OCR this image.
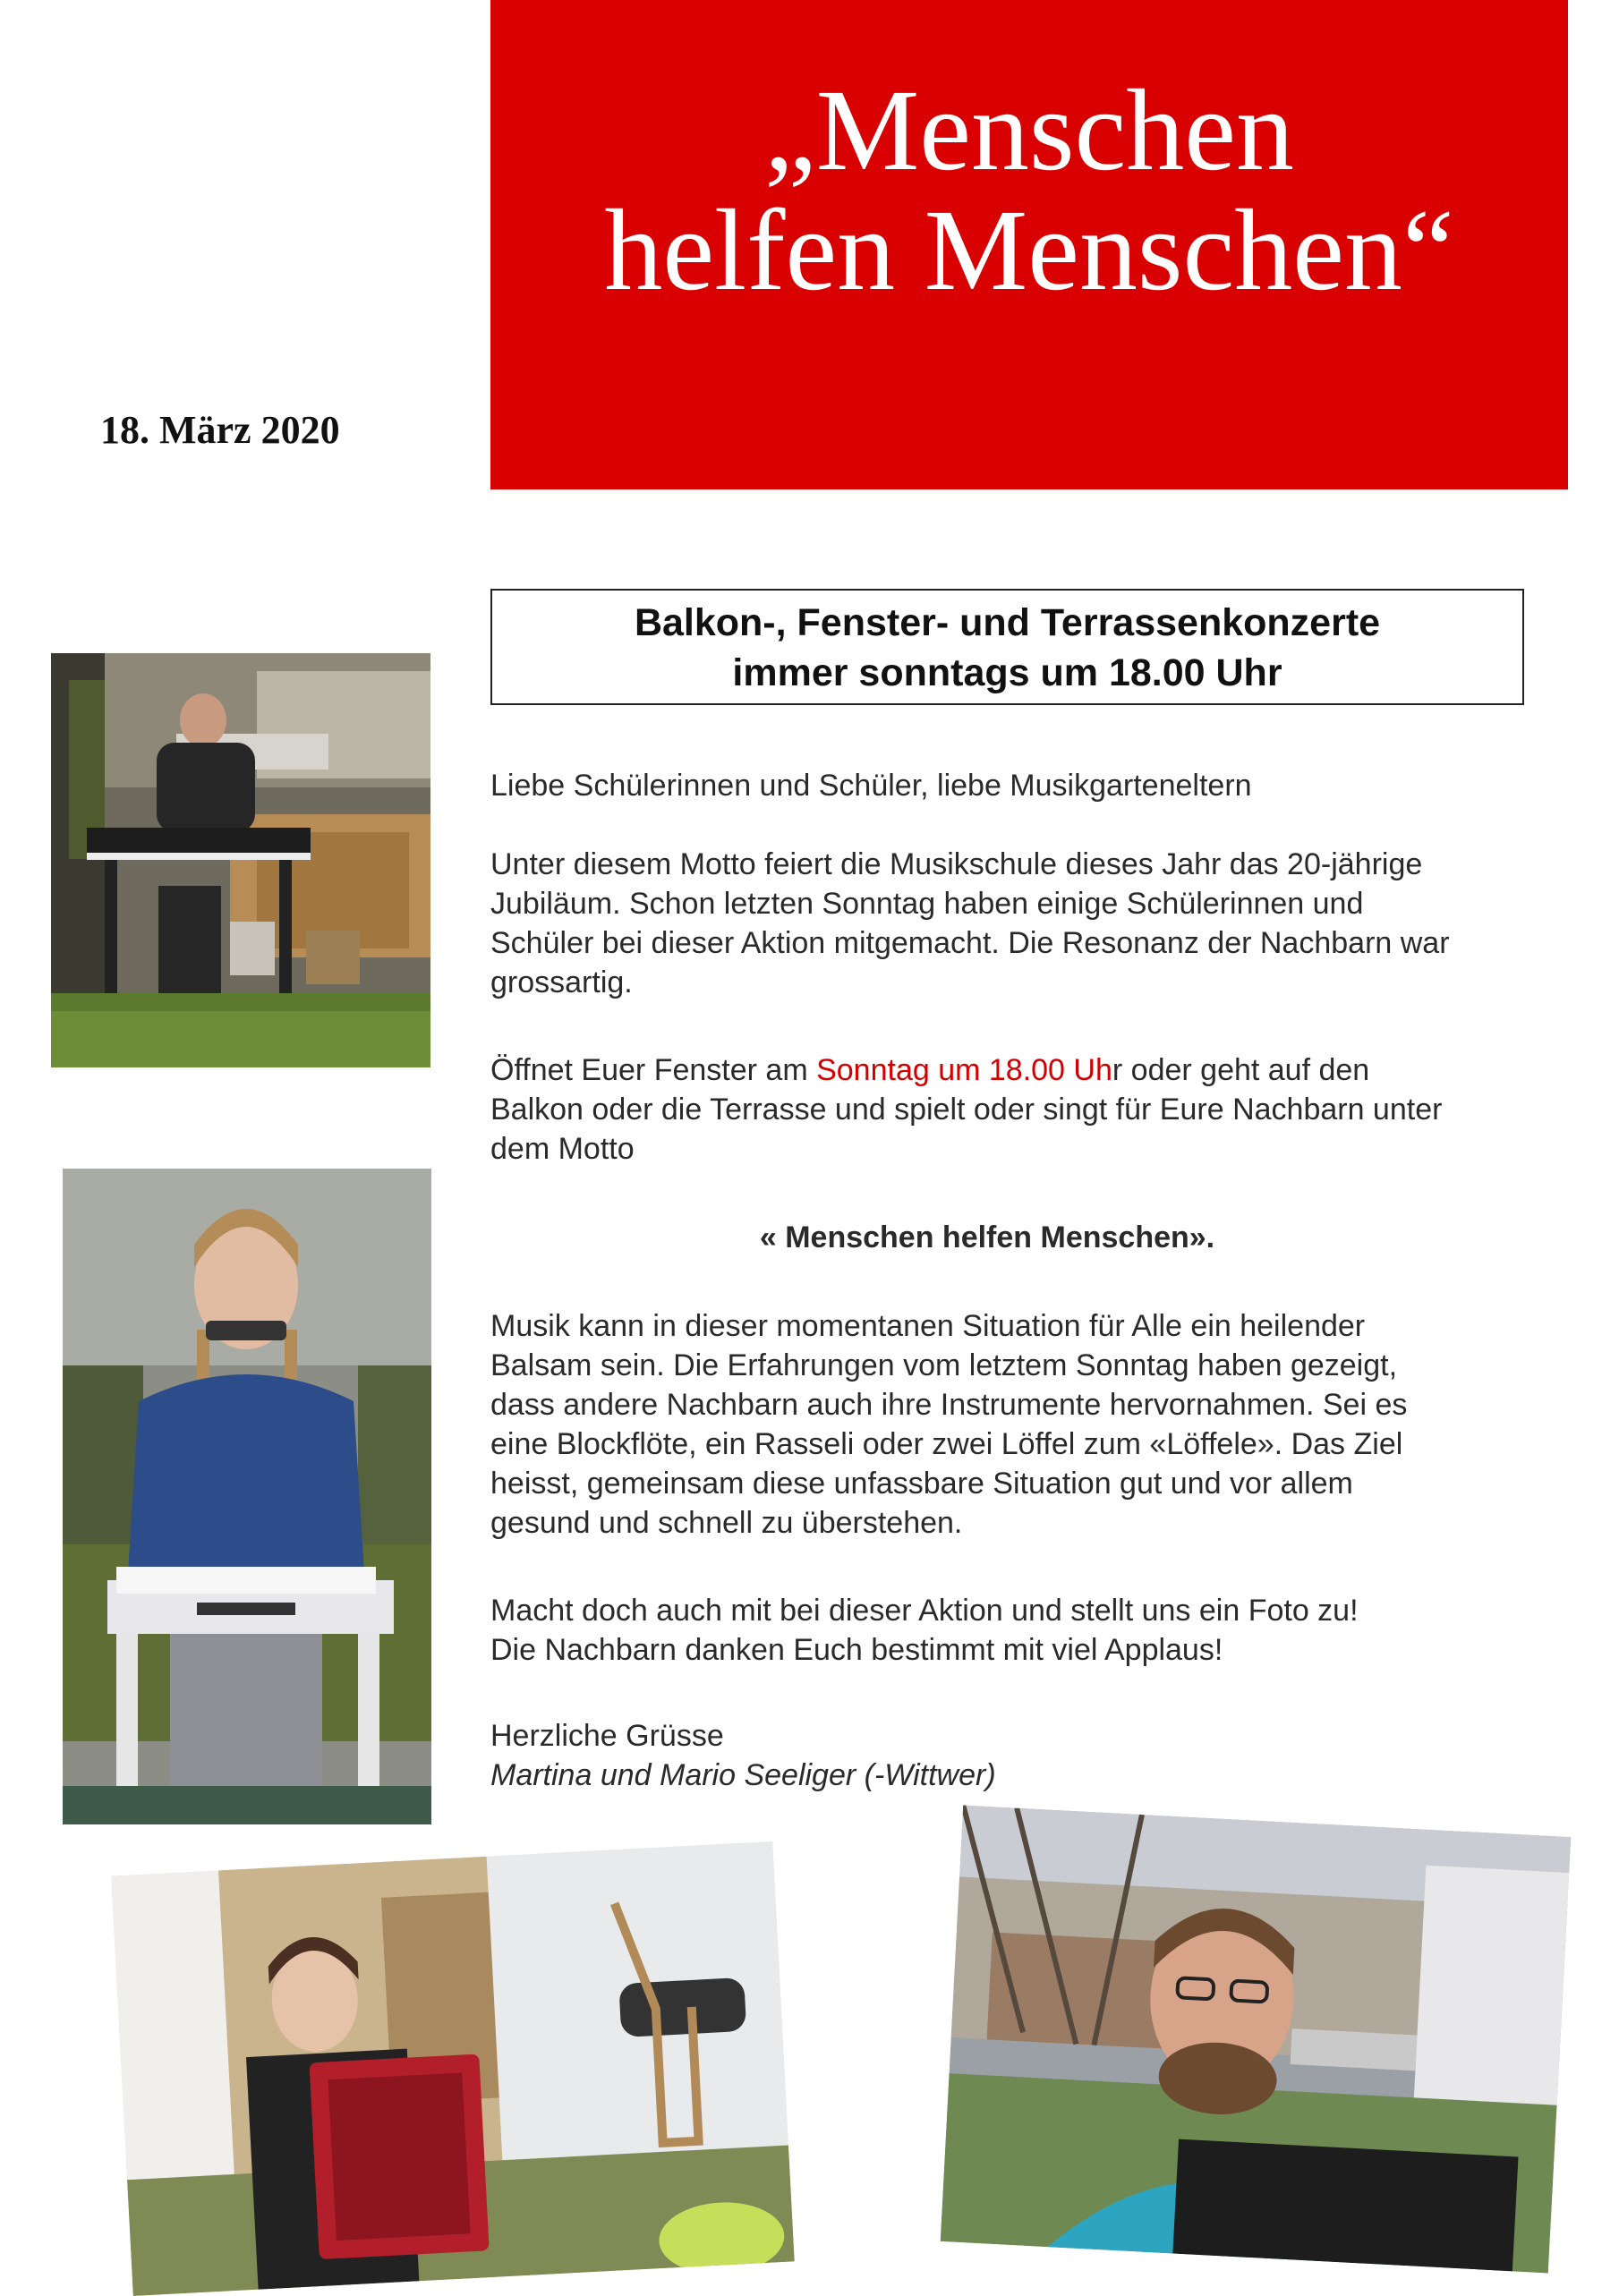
„Menschen
helfen Menschen“
18. März 2020
Balkon-, Fenster- und Terrassenkonzerte
immer sonntags um 18.00 Uhr

Liebe Schülerinnen und Schüler, liebe Musikgarteneltern

Unter diesem Motto feiert die Musikschule dieses Jahr das 20-jährige

Jubiläum. Schon letzten Sonntag haben einige Schülerinnen und

Schüler bei dieser Aktion mitgemacht. Die Resonanz der Nachbarn war

grossartig.

Öffnet Euer Fenster am Sonntag um 18.00 Uhr oder geht auf den

Balkon oder die Terrasse und spielt oder singt für Eure Nachbarn unter

dem Motto

« Menschen helfen Menschen».

Musik kann in dieser momentanen Situation für Alle ein heilender

Balsam sein. Die Erfahrungen vom letztem Sonntag haben gezeigt,

dass andere Nachbarn auch ihre Instrumente hervornahmen. Sei es

eine Blockflöte, ein Rasseli oder zwei Löffel zum «Löffele». Das Ziel

heisst, gemeinsam diese unfassbare Situation gut und vor allem

gesund und schnell zu überstehen.

Macht doch auch mit bei dieser Aktion und stellt uns ein Foto zu!

Die Nachbarn danken Euch bestimmt mit viel Applaus!

Herzliche Grüsse

Martina und Mario Seeliger (-Wittwer)
